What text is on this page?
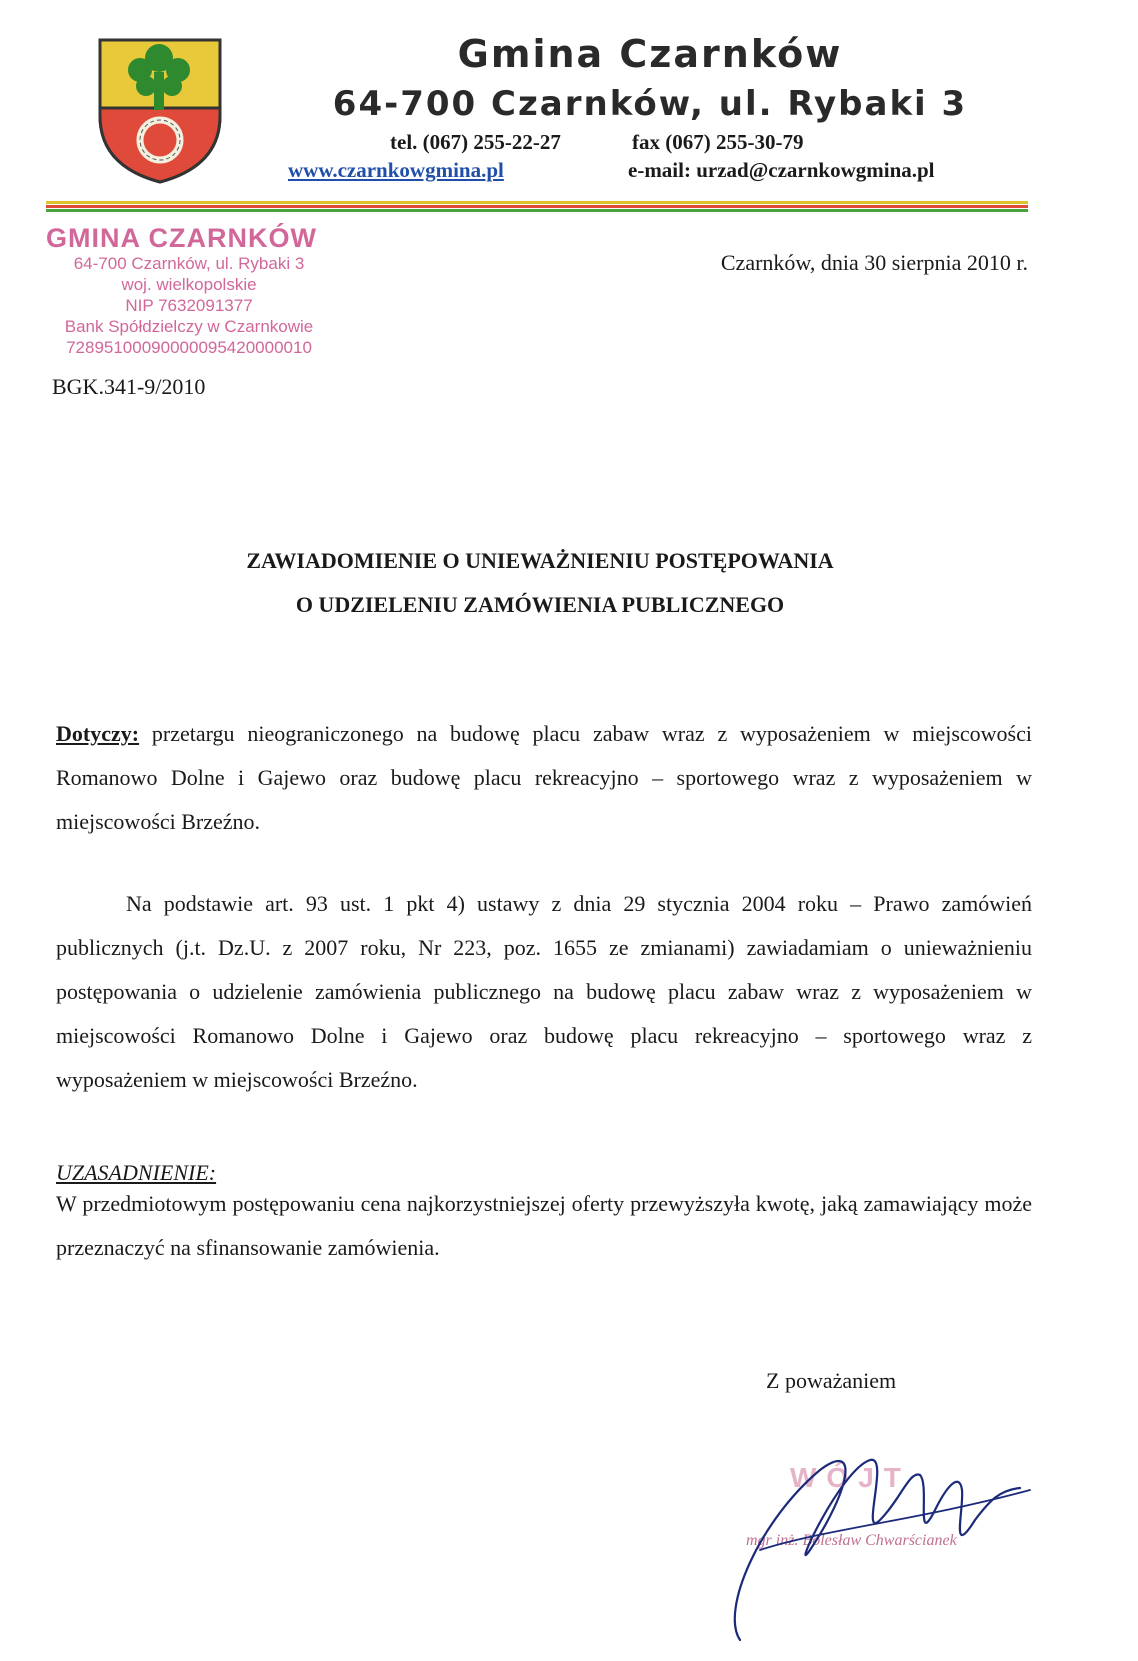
Gmina Czarnków
64-700 Czarnków, ul. Rybaki 3
tel. (067) 255-22-27	fax (067) 255-30-79
www.czarnkowgmina.pl	e-mail: urzad@czarnkowgmina.pl
GMINA CZARNKÓW
64-700 Czarnków, ul. Rybaki 3
woj. wielkopolskie
NIP 7632091377
Bank Spółdzielczy w Czarnkowie
72895100090000095420000010
Czarnków, dnia 30 sierpnia 2010 r.
BGK.341-9/2010
ZAWIADOMIENIE O UNIEWAŻNIENIU POSTĘPOWANIA
O UDZIELENIU ZAMÓWIENIA PUBLICZNEGO
Dotyczy: przetargu nieograniczonego na budowę placu zabaw wraz z wyposażeniem w miejscowości Romanowo Dolne i Gajewo oraz budowę placu rekreacyjno – sportowego wraz z wyposażeniem w miejscowości Brzeźno.
Na podstawie art. 93 ust. 1 pkt 4) ustawy z dnia 29 stycznia 2004 roku – Prawo zamówień publicznych (j.t. Dz.U. z 2007 roku, Nr 223, poz. 1655 ze zmianami) zawiadamiam o unieważnieniu postępowania o udzielenie zamówienia publicznego na budowę placu zabaw wraz z wyposażeniem w miejscowości Romanowo Dolne i Gajewo oraz budowę placu rekreacyjno – sportowego wraz z wyposażeniem w miejscowości Brzeźno.
UZASADNIENIE:
W przedmiotowym postępowaniu cena najkorzystniejszej oferty przewyższyła kwotę, jaką zamawiający może przeznaczyć na sfinansowanie zamówienia.
Z poważaniem
WÓJT
mgr inż. Bolesław Chwarścianek
